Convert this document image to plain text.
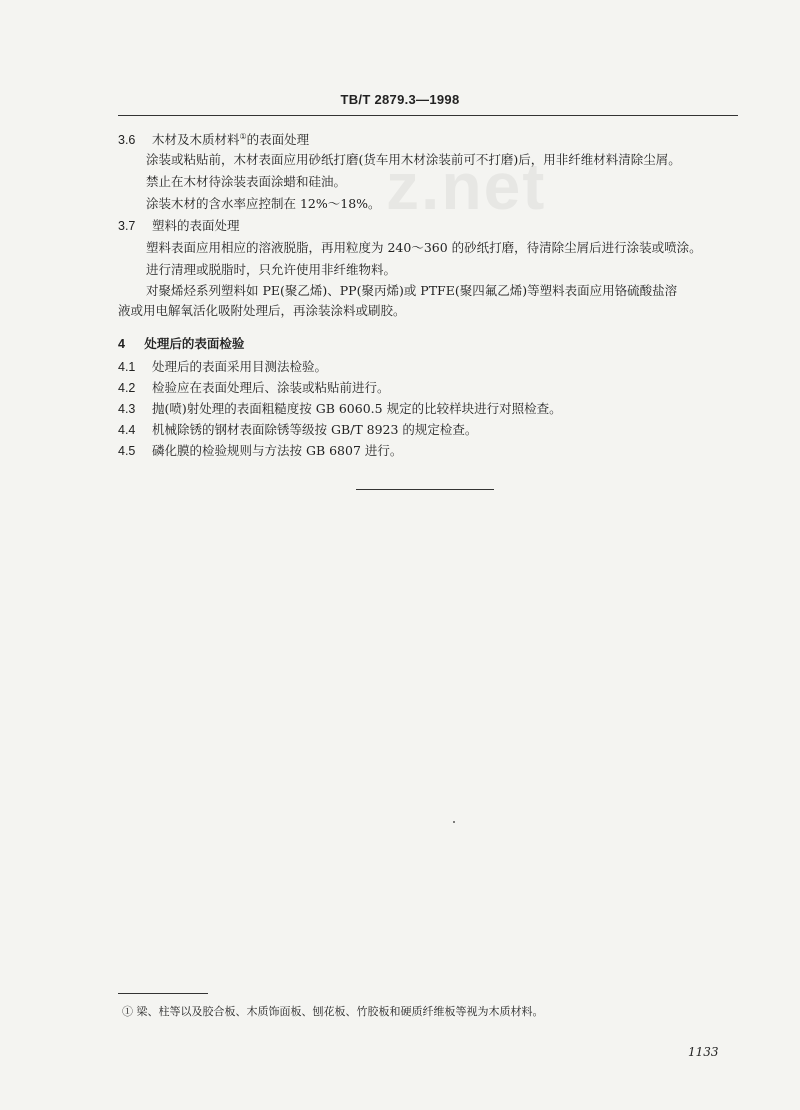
TB/T 2879.3—1998
z.net
3.6 木材及木质材料①的表面处理
涂装或粘贴前，木材表面应用砂纸打磨(货车用木材涂装前可不打磨)后，用非纤维材料清除尘屑。
禁止在木材待涂装表面涂蜡和硅油。
涂装木材的含水率应控制在 12%～18%。
3.7 塑料的表面处理
塑料表面应用相应的溶液脱脂，再用粒度为 240～360 的砂纸打磨，待清除尘屑后进行涂装或喷涂。
进行清理或脱脂时，只允许使用非纤维物料。
对聚烯烃系列塑料如 PE(聚乙烯)、PP(聚丙烯)或 PTFE(聚四氟乙烯)等塑料表面应用铬硫酸盐溶
液或用电解氧活化吸附处理后，再涂装涂料或刷胶。
4 处理后的表面检验
4.1 处理后的表面采用目测法检验。
4.2 检验应在表面处理后、涂装或粘贴前进行。
4.3 抛(喷)射处理的表面粗糙度按 GB 6060.5 规定的比较样块进行对照检查。
4.4 机械除锈的钢材表面除锈等级按 GB/T 8923 的规定检查。
4.5 磷化膜的检验规则与方法按 GB 6807 进行。
① 梁、柱等以及胶合板、木质饰面板、刨花板、竹胶板和硬质纤维板等视为木质材料。
1133
